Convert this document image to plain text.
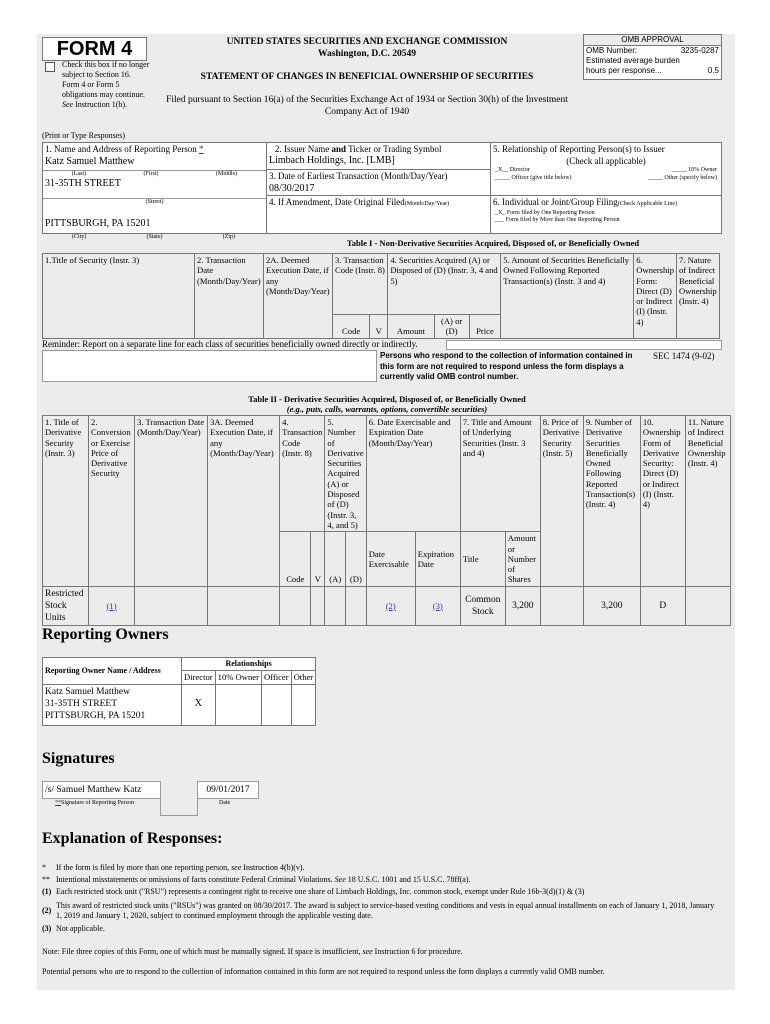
FORM 4
Check this box if no longer subject to Section 16. Form 4 or Form 5 obligations may continue. See Instruction 1(b).
UNITED STATES SECURITIES AND EXCHANGE COMMISSION
Washington, D.C. 20549
STATEMENT OF CHANGES IN BENEFICIAL OWNERSHIP OF SECURITIES
Filed pursuant to Section 16(a) of the Securities Exchange Act of 1934 or Section 30(h) of the Investment Company Act of 1940
OMB APPROVAL
OMB Number:	3235-0287
Estimated average burden
hours per response...	0.5
(Print or Type Responses)
1. Name and Address of Reporting Person *
Katz Samuel Matthew
(Last)	(First)	(Middle)
31-35TH STREET
(Street)
PITTSBURGH, PA 15201
(City)	(State)	(Zip)
2. Issuer Name and Ticker or Trading Symbol
Limbach Holdings, Inc. [LMB]
3. Date of Earliest Transaction (Month/Day/Year)
08/30/2017
4. If Amendment, Date Original Filed(Month/Day/Year)
5. Relationship of Reporting Person(s) to Issuer
(Check all applicable)
_X__ Director	_____ 10% Owner
_____ Officer (give title below)	_____ Other (specify below)
6. Individual or Joint/Group Filing(Check Applicable Line)
_X_ Form filed by One Reporting Person
___ Form filed by More than One Reporting Person
Table I - Non-Derivative Securities Acquired, Disposed of, or Beneficially Owned
1.Title of Security (Instr. 3)	2. Transaction Date (Month/Day/Year)	2A. Deemed Execution Date, if any (Month/Day/Year)	3. Transaction Code (Instr. 8)		4. Securities Acquired (A) or Disposed of (D) (Instr. 3, 4 and 5)			5. Amount of Securities Beneficially Owned Following Reported Transaction(s) (Instr. 3 and 4)	6. Ownership Form: Direct (D) or Indirect (I) (Instr. 4)	7. Nature of Indirect Beneficial Ownership (Instr. 4)
			Code	V	Amount	(A) or (D)	Price			
Reminder: Report on a separate line for each class of securities beneficially owned directly or indirectly.
Persons who respond to the collection of information contained in this form are not required to respond unless the form displays a currently valid OMB control number.
SEC 1474 (9-02)
Table II - Derivative Securities Acquired, Disposed of, or Beneficially Owned
(e.g., puts, calls, warrants, options, convertible securities)
1. Title of Derivative Security (Instr. 3)	2. Conversion or Exercise Price of Derivative Security	3. Transaction Date (Month/Day/Year)	3A. Deemed Execution Date, if any (Month/Day/Year)	4. Transaction Code (Instr. 8)		5. Number of Derivative Securities Acquired (A) or Disposed of (D) (Instr. 3, 4, and 5)		6. Date Exercisable and Expiration Date (Month/Day/Year)		7. Title and Amount of Underlying Securities (Instr. 3 and 4)		8. Price of Derivative Security (Instr. 5)	9. Number of Derivative Securities Beneficially Owned Following Reported Transaction(s) (Instr. 4)	10. Ownership Form of Derivative Security: Direct (D) or Indirect (I) (Instr. 4)	11. Nature of Indirect Beneficial Ownership (Instr. 4)
				Code	V	(A)	(D)	Date Exercisable	Expiration Date	Title	Amount or Number of Shares				
Restricted Stock Units	(1)							(2)	(3)	Common Stock	3,200		3,200	D	
Reporting Owners
Reporting Owner Name / Address	Relationships			
	Director	10% Owner	Officer	Other

Katz Samuel Matthew
31-35TH STREET
PITTSBURGH, PA 15201	X			
Signatures
/s/ Samuel Matthew Katz	09/01/2017
**Signature of Reporting Person	Date
Explanation of Responses:
* If the form is filed by more than one reporting person, see Instruction 4(b)(v).
** Intentional misstatements or omissions of facts constitute Federal Criminal Violations. See 18 U.S.C. 1001 and 15 U.S.C. 78ff(a).
(1) Each restricted stock unit ("RSU") represents a contingent right to receive one share of Limbach Holdings, Inc. common stock, exempt under Rule 16b-3(d)(1) & (3)
(2)
This award of restricted stock units ("RSUs") was granted on 08/30/2017. The award is subject to service-based vesting conditions and vests in equal annual installments on each of January 1, 2018, January 1, 2019 and January 1, 2020, subject to continued employment through the applicable vesting date.
(3) Not applicable.
Note: File three copies of this Form, one of which must be manually signed. If space is insufficient, see Instruction 6 for procedure.
Potential persons who are to respond to the collection of information contained in this form are not required to respond unless the form displays a currently valid OMB number.
